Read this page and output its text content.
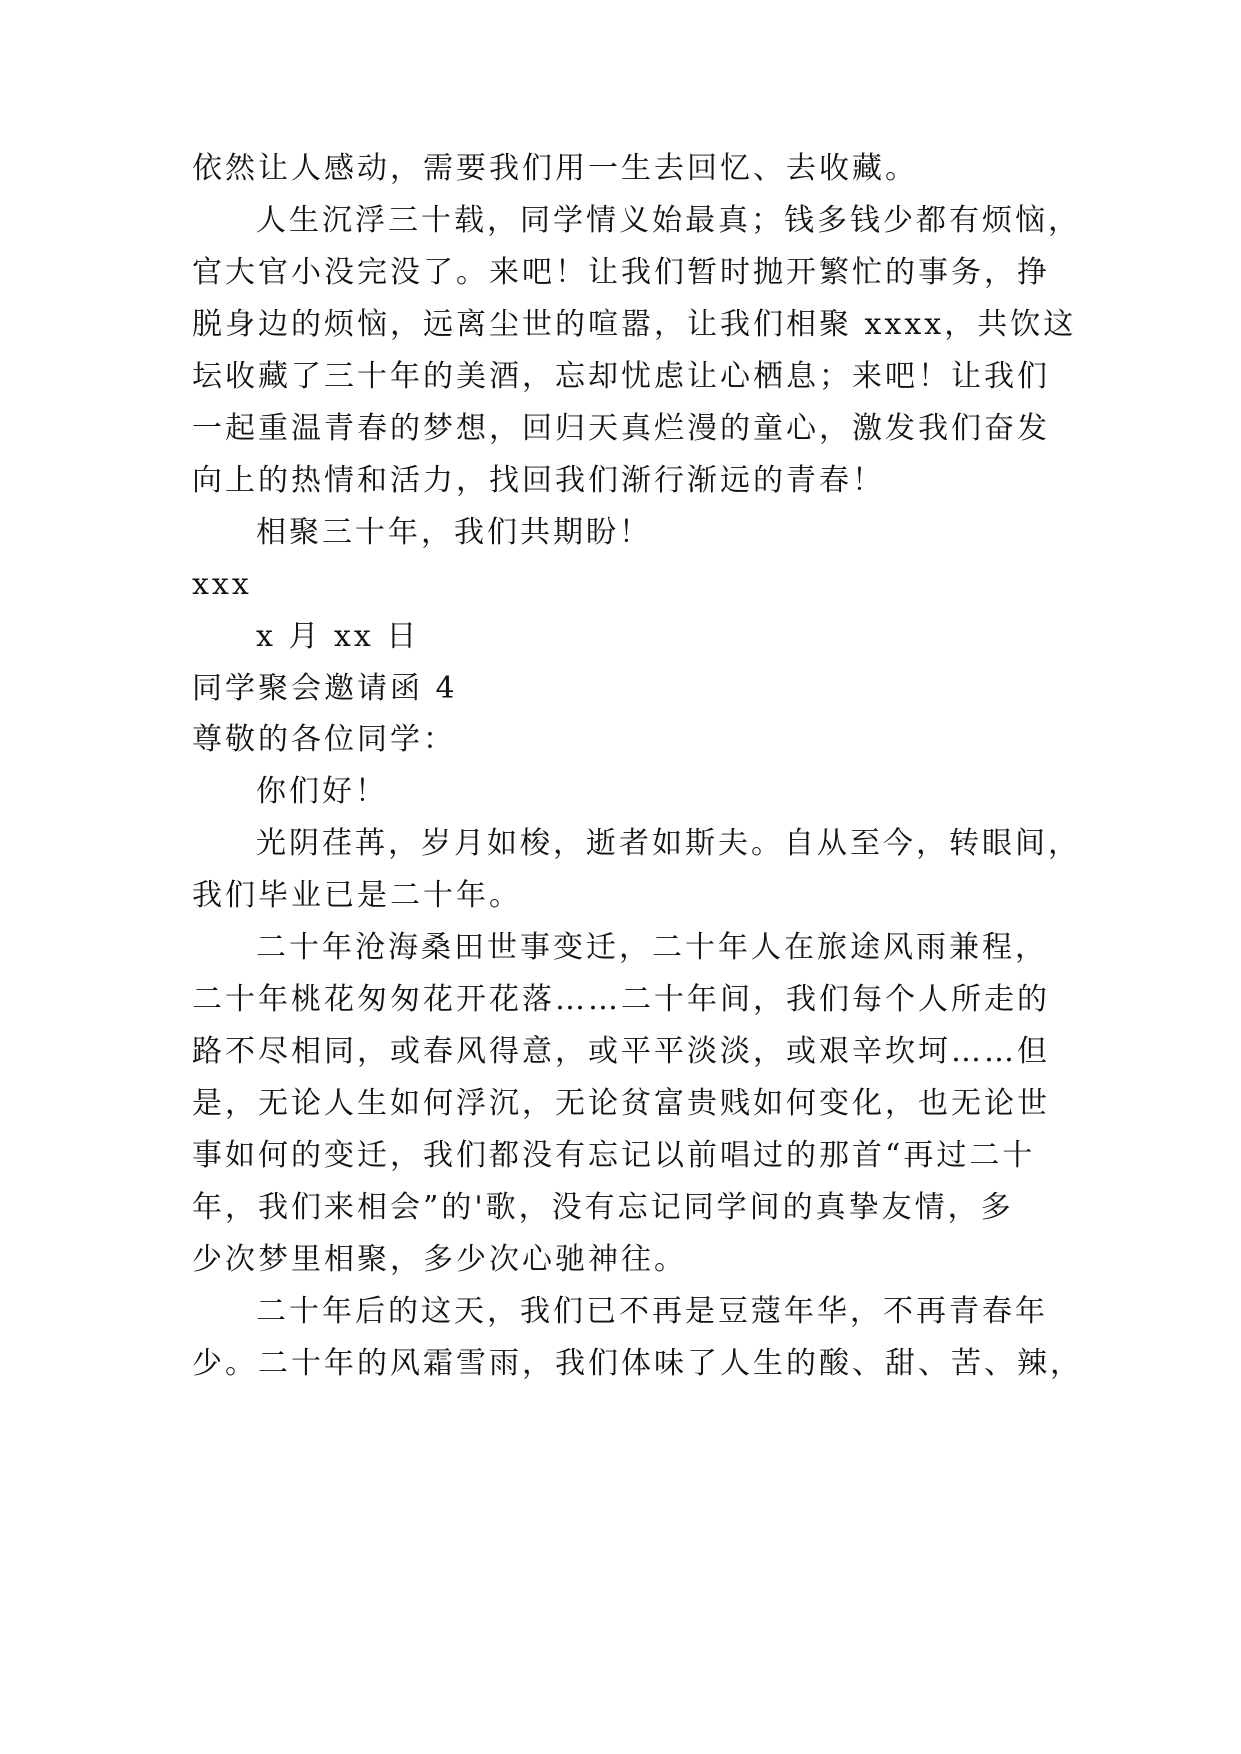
依然让人感动，需要我们用一生去回忆、去收藏。
人生沉浮三十载，同学情义始最真；钱多钱少都有烦恼，
官大官小没完没了。来吧！让我们暂时抛开繁忙的事务，挣
脱身边的烦恼，远离尘世的喧嚣，让我们相聚 xxxx，共饮这
坛收藏了三十年的美酒，忘却忧虑让心栖息；来吧！让我们
一起重温青春的梦想，回归天真烂漫的童心，激发我们奋发
向上的热情和活力，找回我们渐行渐远的青春！
相聚三十年，我们共期盼！
xxx
x 月 xx 日
同学聚会邀请函 4
尊敬的各位同学：
你们好！
光阴荏苒，岁月如梭，逝者如斯夫。自从至今，转眼间，
我们毕业已是二十年。
二十年沧海桑田世事变迁，二十年人在旅途风雨兼程，
二十年桃花匆匆花开花落……二十年间，我们每个人所走的
路不尽相同，或春风得意，或平平淡淡，或艰辛坎坷……但
是，无论人生如何浮沉，无论贫富贵贱如何变化，也无论世
事如何的变迁，我们都没有忘记以前唱过的那首“再过二十
年，我们来相会”的'歌，没有忘记同学间的真挚友情，多
少次梦里相聚，多少次心驰神往。
二十年后的这天，我们已不再是豆蔻年华，不再青春年
少。二十年的风霜雪雨，我们体味了人生的酸、甜、苦、辣，
